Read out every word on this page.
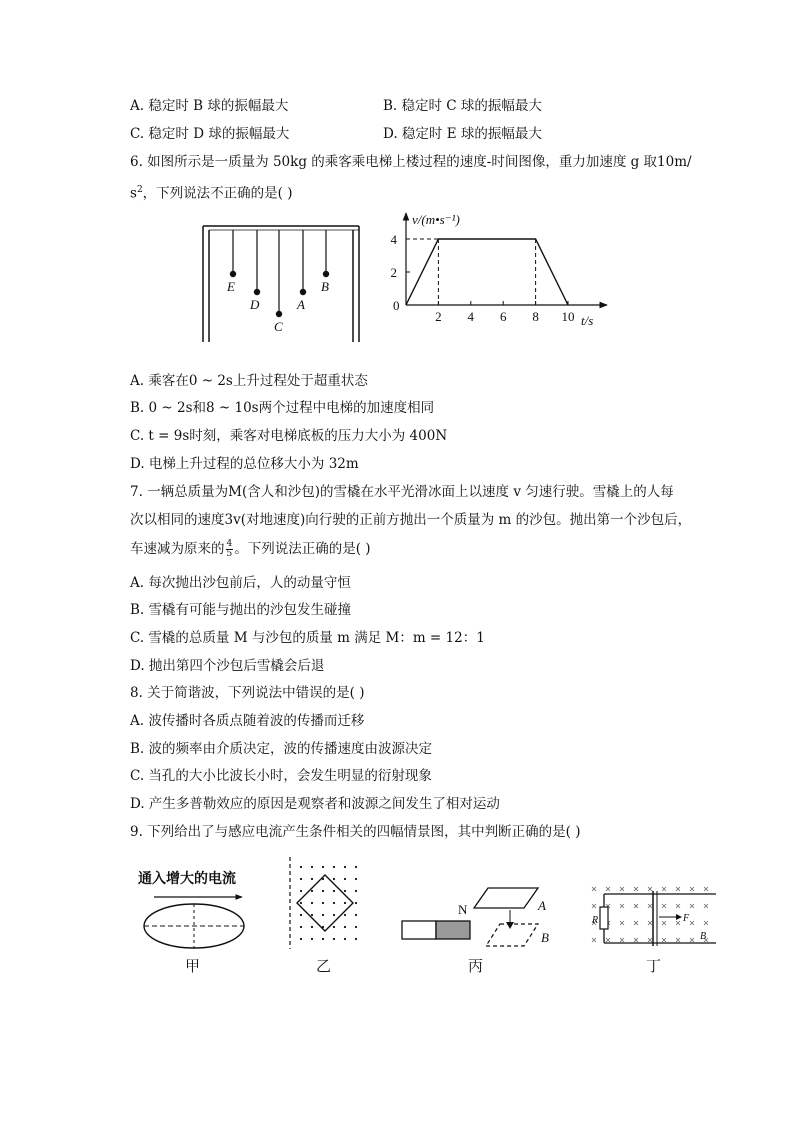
A. 稳定时 B 球的振幅最大	B. 稳定时 C 球的振幅最大
C. 稳定时 D 球的振幅最大	D. 稳定时 E 球的振幅最大
6. 如图所示是一质量为 50kg 的乘客乘电梯上楼过程的速度-时间图像，重力加速度 g 取10m/
$s^2$，下列说法不正确的是( )
E
D
C
A
B
v/(m•s⁻¹)
t/s
0
2 4 6 8 10
2
4
A. 乘客在0 ~ 2s上升过程处于超重状态
B. 0 ~ 2s和8 ~ 10s两个过程中电梯的加速度相同
C. t = 9s时刻，乘客对电梯底板的压力大小为 400N
D. 电梯上升过程的总位移大小为 32m
7. 一辆总质量为M(含人和沙包)的雪橇在水平光滑冰面上以速度 v 匀速行驶。雪橇上的人每
次以相同的速度3v(对地速度)向行驶的正前方抛出一个质量为 m 的沙包。抛出第一个沙包后，
车速减为原来的 $\frac{4}{5}$ 。下列说法正确的是( )
A. 每次抛出沙包前后，人的动量守恒
B. 雪橇有可能与抛出的沙包发生碰撞
C. 雪橇的总质量 M 与沙包的质量 m 满足 M：m = 12：1
D. 抛出第四个沙包后雪橇会后退
8. 关于简谐波，下列说法中错误的是( )
A. 波传播时各质点随着波的传播而迁移
B. 波的频率由介质决定，波的传播速度由波源决定
C. 当孔的大小比波长小时，会发生明显的衍射现象
D. 产生多普勒效应的原因是观察者和波源之间发生了相对运动
9. 下列给出了与感应电流产生条件相关的四幅情景图，其中判断正确的是( )
通入增大的电流
甲	乙
N	A
B
丙
R	F
B
丁
